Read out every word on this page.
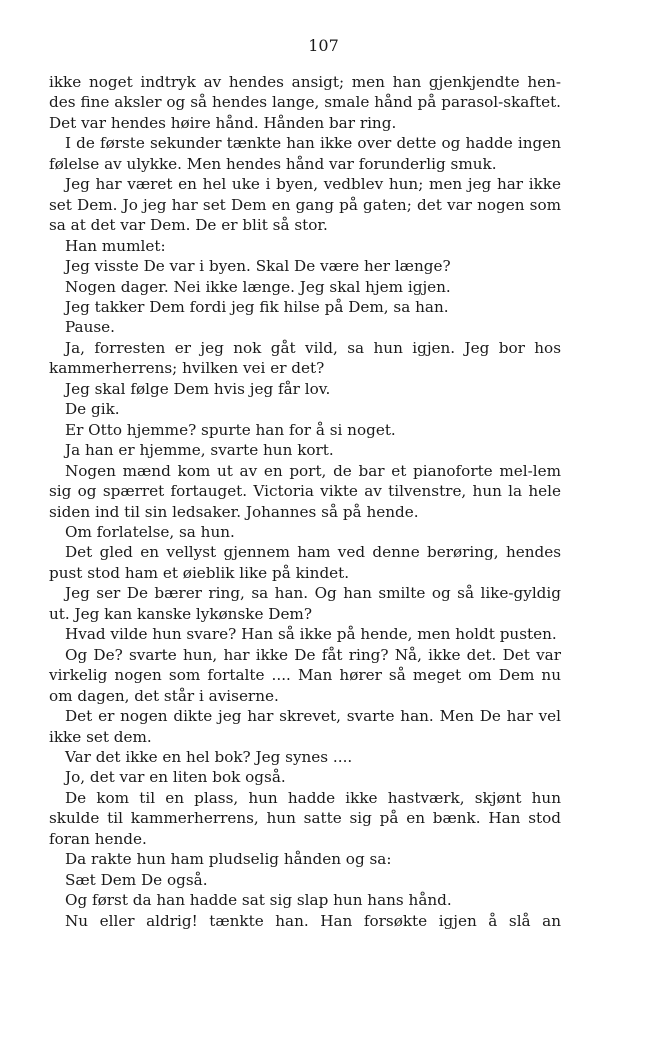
107

ikke noget indtryk av hendes ansigt; men han gjenkjendte hen-des fine aksler og så hendes lange, smale hånd på parasol-skaftet. Det var hendes høire hånd. Hånden bar ring.

I de første sekunder tænkte han ikke over dette og hadde ingen følelse av ulykke. Men hendes hånd var forunderlig smuk.

Jeg har været en hel uke i byen, vedblev hun; men jeg har ikke set Dem. Jo jeg har set Dem en gang på gaten; det var nogen som sa at det var Dem. De er blit så stor.

Han mumlet:

Jeg visste De var i byen. Skal De være her længe?

Nogen dager. Nei ikke længe. Jeg skal hjem igjen.

Jeg takker Dem fordi jeg fik hilse på Dem, sa han.

Pause.

Ja, forresten er jeg nok gåt vild, sa hun igjen. Jeg bor hos kammerherrens; hvilken vei er det?

Jeg skal følge Dem hvis jeg får lov.

De gik.

Er Otto hjemme? spurte han for å si noget.

Ja han er hjemme, svarte hun kort.

Nogen mænd kom ut av en port, de bar et pianoforte mel-lem sig og spærret fortauget. Victoria vikte av tilvenstre, hun la hele siden ind til sin ledsaker. Johannes så på hende.

Om forlatelse, sa hun.

Det gled en vellyst gjennem ham ved denne berøring, hendes pust stod ham et øieblik like på kindet.

Jeg ser De bærer ring, sa han. Og han smilte og så like-gyldig ut. Jeg kan kanske lykønske Dem?

Hvad vilde hun svare? Han så ikke på hende, men holdt pusten.

Og De? svarte hun, har ikke De fåt ring? Nå, ikke det. Det var virkelig nogen som fortalte .... Man hører så meget om Dem nu om dagen, det står i aviserne.

Det er nogen dikte jeg har skrevet, svarte han. Men De har vel ikke set dem.

Var det ikke en hel bok? Jeg synes ....

Jo, det var en liten bok også.

De kom til en plass, hun hadde ikke hastværk, skjønt hun skulde til kammerherrens, hun satte sig på en bænk. Han stod foran hende.

Da rakte hun ham pludselig hånden og sa:

Sæt Dem De også.

Og først da han hadde sat sig slap hun hans hånd.

Nu eller aldrig! tænkte han. Han forsøkte igjen å slå an
